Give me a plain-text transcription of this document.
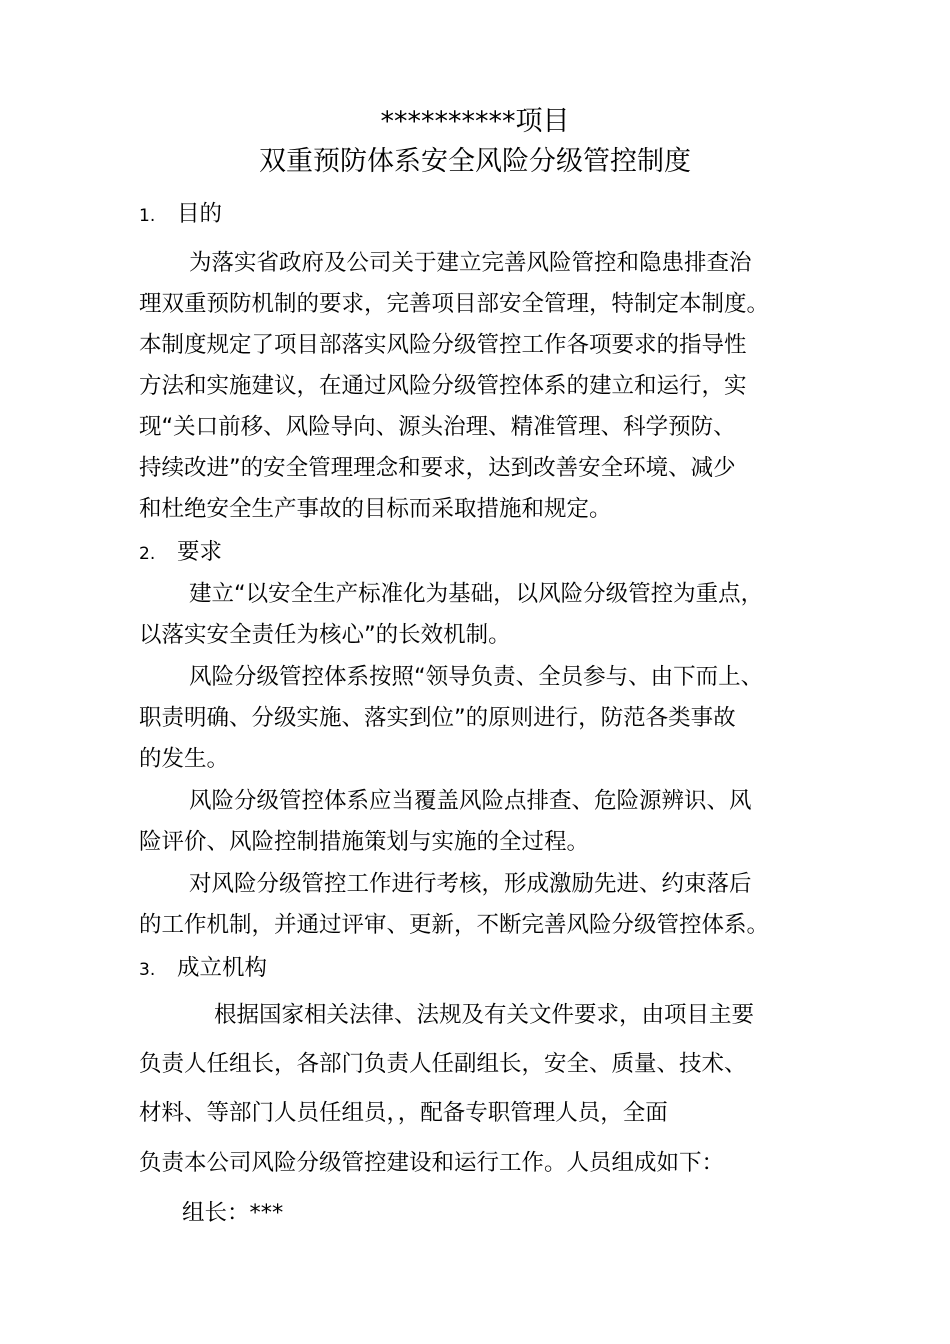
**********项目
双重预防体系安全风险分级管控制度
1. 目的
为落实省政府及公司关于建立完善风险管控和隐患排查治
理双重预防机制的要求，完善项目部安全管理，特制定本制度。
本制度规定了项目部落实风险分级管控工作各项要求的指导性
方法和实施建议，在通过风险分级管控体系的建立和运行，实
现“关口前移、风险导向、源头治理、精准管理、科学预防、
持续改进”的安全管理理念和要求，达到改善安全环境、减少
和杜绝安全生产事故的目标而采取措施和规定。
2. 要求
建立“以安全生产标准化为基础，以风险分级管控为重点，
以落实安全责任为核心”的长效机制。
风险分级管控体系按照“领导负责、全员参与、由下而上、
职责明确、分级实施、落实到位”的原则进行，防范各类事故
的发生。
风险分级管控体系应当覆盖风险点排查、危险源辨识、风
险评价、风险控制措施策划与实施的全过程。
对风险分级管控工作进行考核，形成激励先进、约束落后
的工作机制，并通过评审、更新，不断完善风险分级管控体系。
3. 成立机构
根据国家相关法律、法规及有关文件要求，由项目主要
负责人任组长，各部门负责人任副组长，安全、质量、技术、
材料、等部门人员任组员，，配备专职管理人员，全面
负责本公司风险分级管控建设和运行工作。人员组成如下：
组长：***
